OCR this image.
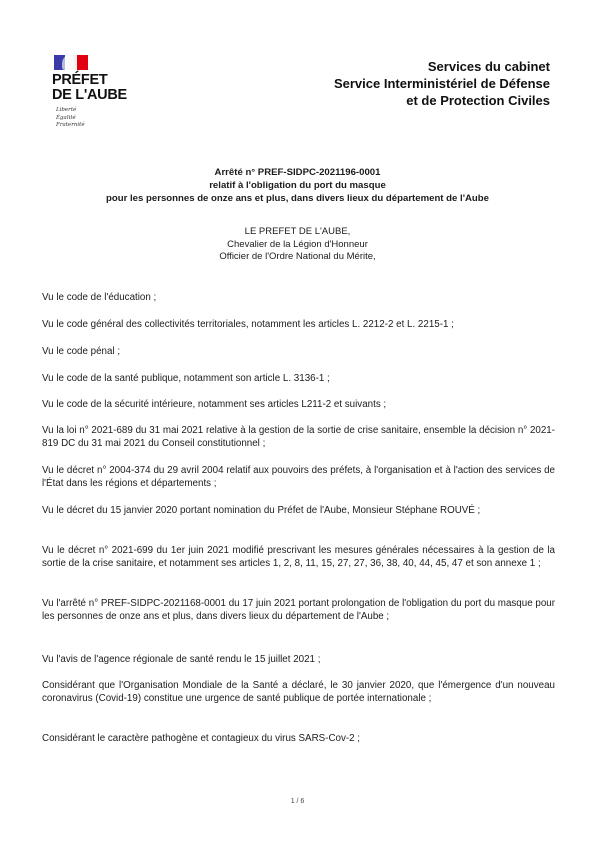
PRÉFET
DE L'AUBE
Liberté
Égalité
Fraternité
Services du cabinet
Service Interministériel de Défense
et de Protection Civiles
Arrêté n° PREF-SIDPC-2021196-0001
relatif à l'obligation du port du masque
pour les personnes de onze ans et plus, dans divers lieux du département de l'Aube
LE PREFET DE L'AUBE,
Chevalier de la Légion d'Honneur
Officier de l'Ordre National du Mérite,

Vu le code de l'éducation ;

Vu le code général des collectivités territoriales, notamment les articles L. 2212-2 et L. 2215-1 ;

Vu le code pénal ;

Vu le code de la santé publique, notamment son article L. 3136-1 ;

Vu le code de la sécurité intérieure, notamment ses articles L211-2 et suivants ;

Vu la loi n° 2021-689 du 31 mai 2021 relative à la gestion de la sortie de crise sanitaire, ensemble la décision n° 2021-819 DC du 31 mai 2021 du Conseil constitutionnel ;

Vu le décret n° 2004-374 du 29 avril 2004 relatif aux pouvoirs des préfets, à l'organisation et à l'action des services de l'État dans les régions et départements ;

Vu le décret du 15 janvier 2020 portant nomination du Préfet de l'Aube, Monsieur Stéphane ROUVÉ ;

Vu le décret n° 2021-699 du 1er juin 2021 modifié prescrivant les mesures générales nécessaires à la gestion de la sortie de la crise sanitaire, et notamment ses articles 1, 2, 8, 11, 15, 27, 27, 36, 38, 40, 44, 45, 47 et son annexe 1 ;

Vu l'arrêté n° PREF-SIDPC-2021168-0001 du 17 juin 2021 portant prolongation de l'obligation du port du masque pour les personnes de onze ans et plus, dans divers lieux du département de l'Aube ;

Vu l'avis de l'agence régionale de santé rendu le 15 juillet 2021 ;

Considérant que l'Organisation Mondiale de la Santé a déclaré, le 30 janvier 2020, que l'émergence d'un nouveau coronavirus (Covid-19) constitue une urgence de santé publique de portée internationale ;

Considérant le caractère pathogène et contagieux du virus SARS-Cov-2 ;

1 / 6
